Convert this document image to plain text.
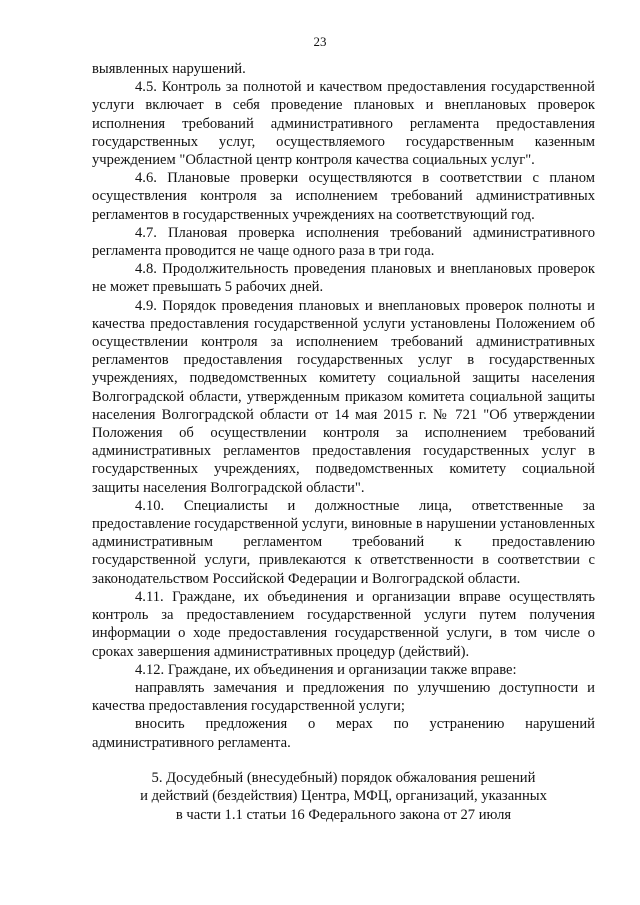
23

выявленных нарушений.

4.5. Контроль за полнотой и качеством предоставления государственной услуги включает в себя проведение плановых и внеплановых проверок исполнения требований административного регламента предоставления государственных услуг, осуществляемого государственным казенным учреждением "Областной центр контроля качества социальных услуг".

4.6. Плановые проверки осуществляются в соответствии с планом осуществления контроля за исполнением требований административных регламентов в государственных учреждениях на соответствующий год.

4.7. Плановая проверка исполнения требований административного регламента проводится не чаще одного раза в три года.

4.8. Продолжительность проведения плановых и внеплановых проверок не может превышать 5 рабочих дней.

4.9. Порядок проведения плановых и внеплановых проверок полноты и качества предоставления государственной услуги установлены Положением об осуществлении контроля за исполнением требований административных регламентов предоставления государственных услуг в государственных учреждениях, подведомственных комитету социальной защиты населения Волгоградской области, утвержденным приказом комитета социальной защиты населения Волгоградской области от 14 мая 2015 г. № 721 "Об утверждении Положения об осуществлении контроля за исполнением требований административных регламентов предоставления государственных услуг в государственных учреждениях, подведомственных комитету социальной защиты населения Волгоградской области".

4.10. Специалисты и должностные лица, ответственные за предоставление государственной услуги, виновные в нарушении установленных административным регламентом требований к предоставлению государственной услуги, привлекаются к ответственности в соответствии с законодательством Российской Федерации и Волгоградской области.

4.11. Граждане, их объединения и организации вправе осуществлять контроль за предоставлением государственной услуги путем получения информации о ходе предоставления государственной услуги, в том числе о сроках завершения административных процедур (действий).

4.12. Граждане, их объединения и организации также вправе:

направлять замечания и предложения по улучшению доступности и качества предоставления государственной услуги;

вносить предложения о мерах по устранению нарушений административного регламента.

5. Досудебный (внесудебный) порядок обжалования решений
и действий (бездействия) Центра, МФЦ, организаций, указанных
в части 1.1 статьи 16 Федерального закона от 27 июля
